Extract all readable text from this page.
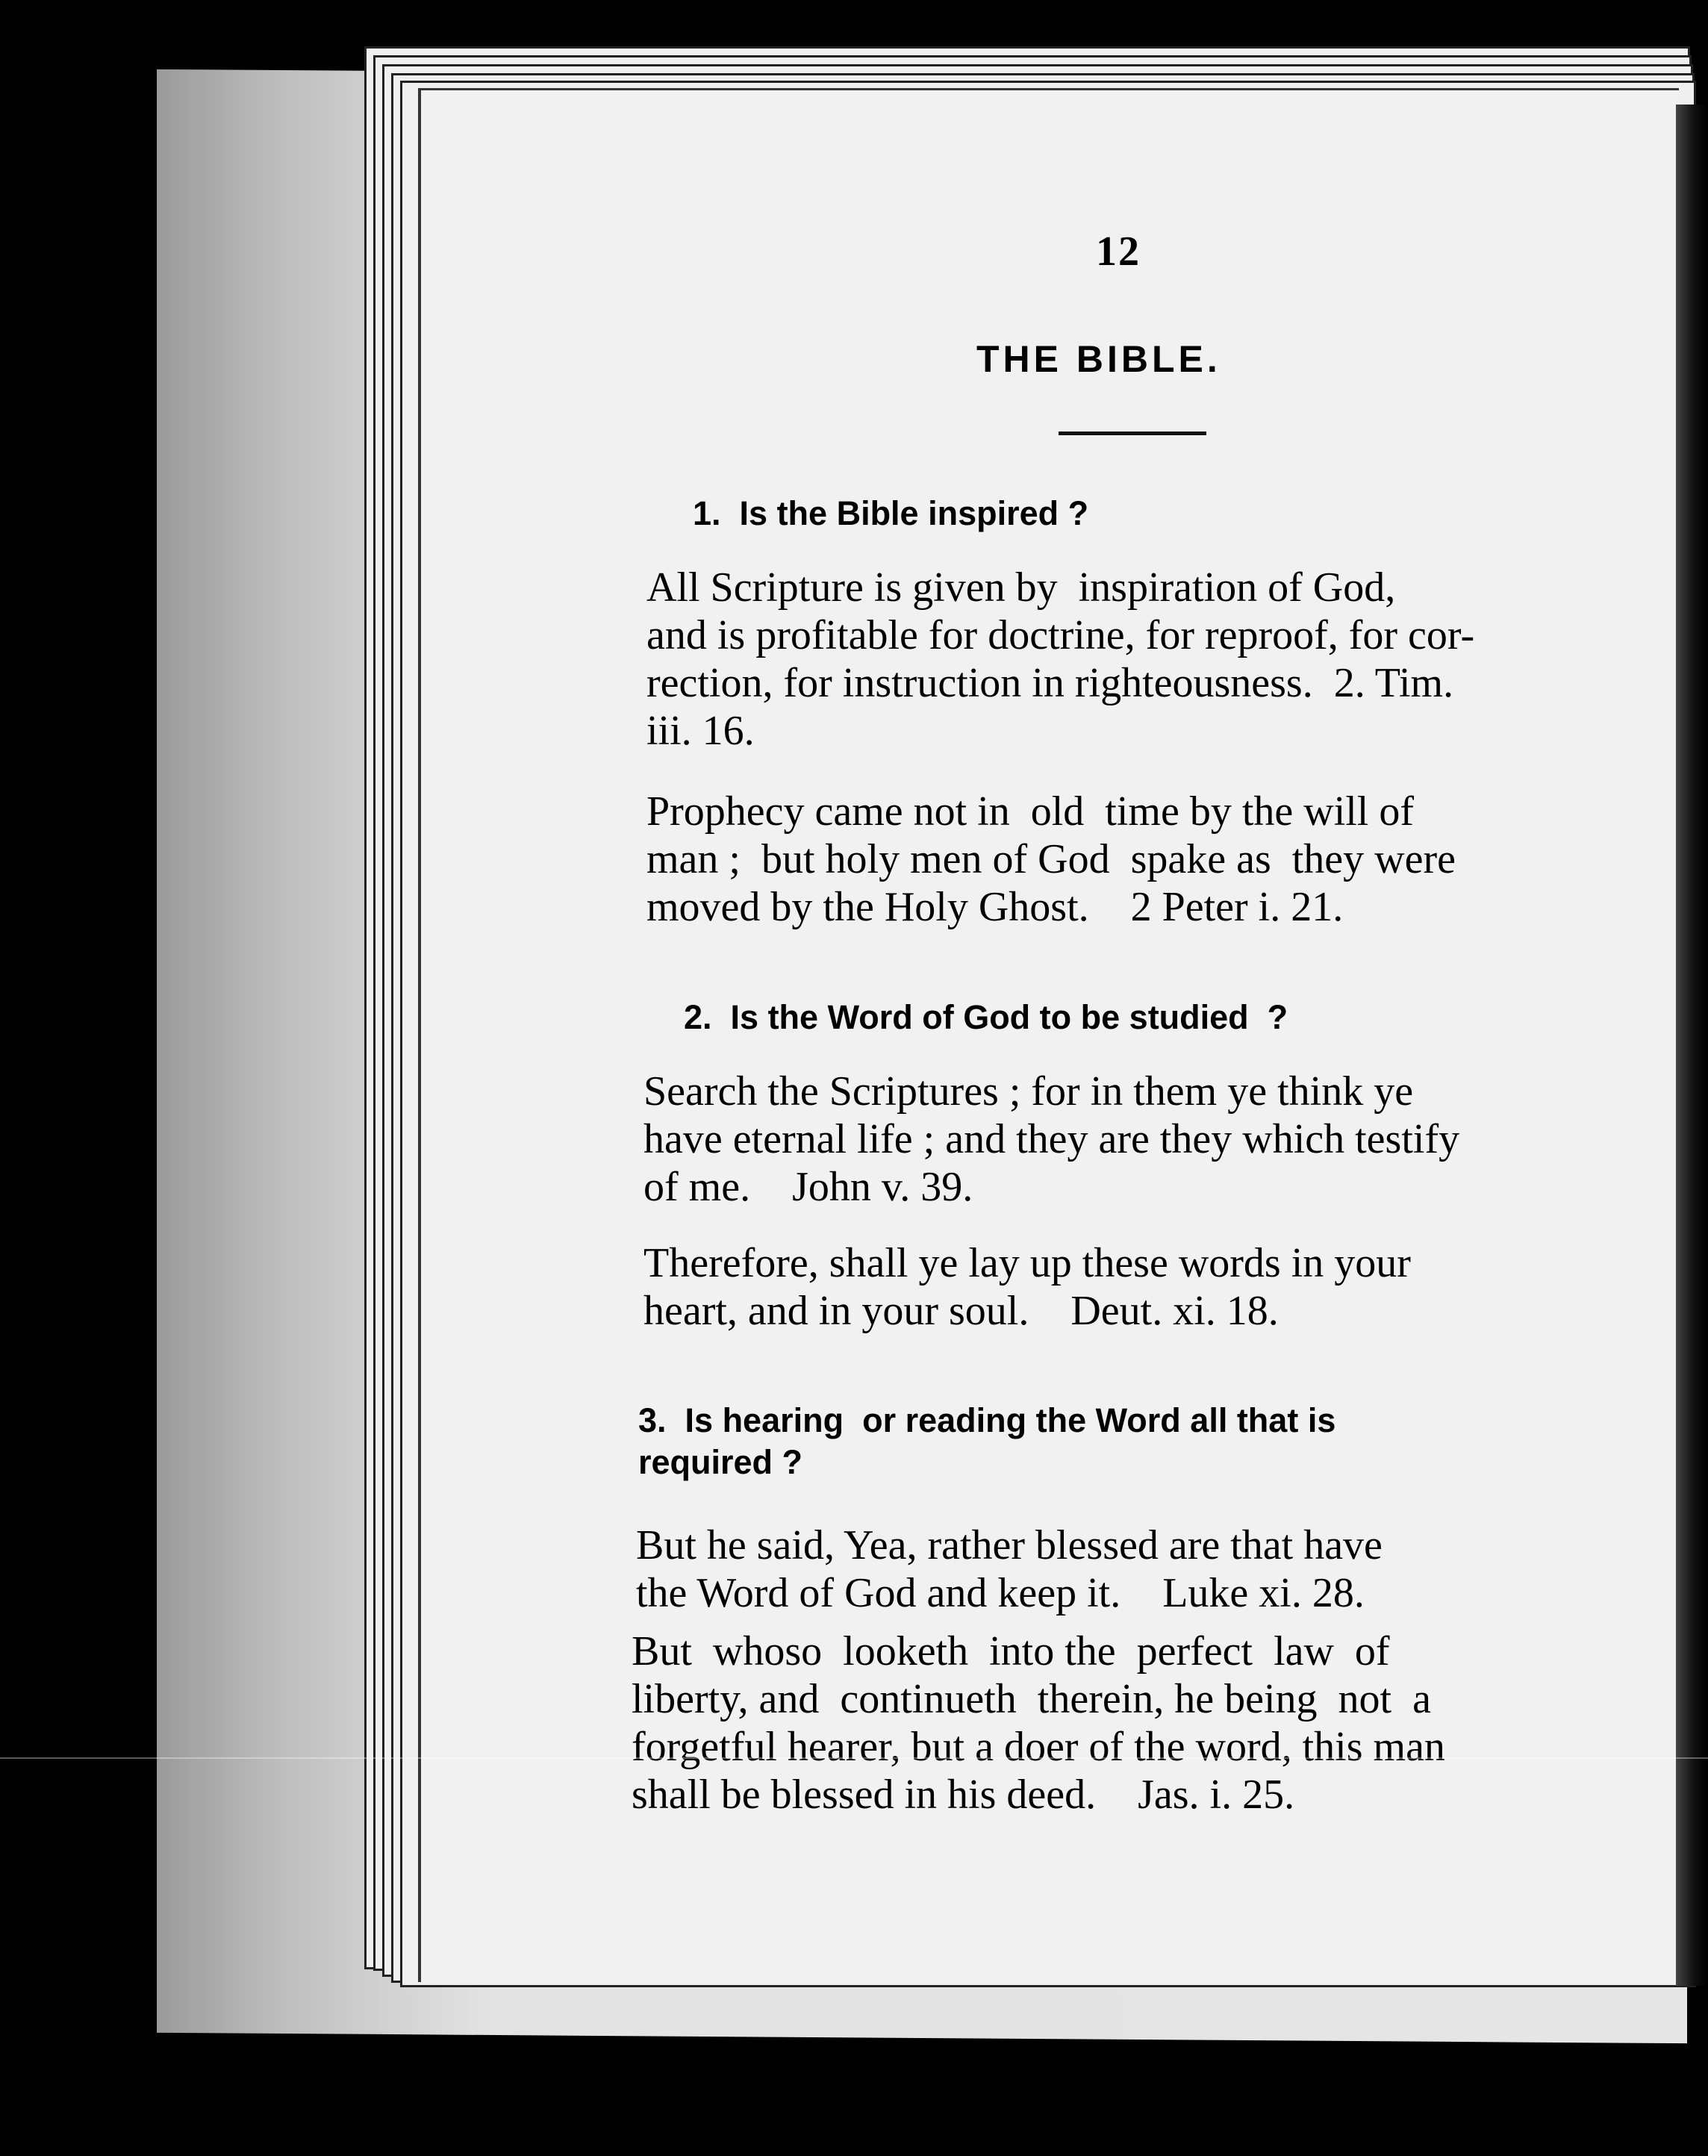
12
THE BIBLE.
1.  Is the Bible inspired ?
All Scripture is given by  inspiration of God,
and is profitable for doctrine, for reproof, for cor-
rection, for instruction in righteousness.  2. Tim.
iii. 16.
Prophecy came not in  old  time by the will of
man ;  but holy men of God  spake as  they were
moved by the Holy Ghost.    2 Peter i. 21.
2.  Is the Word of God to be studied  ?
Search the Scriptures ; for in them ye think ye
have eternal life ; and they are they which testify
of me.    John v. 39.
Therefore, shall ye lay up these words in your
heart, and in your soul.    Deut. xi. 18.
3.  Is hearing  or reading the Word all that is
required ?
But he said, Yea, rather blessed are that have
the Word of God and keep it.    Luke xi. 28.
But  whoso  looketh  into the  perfect  law  of
liberty, and  continueth  therein, he being  not  a
forgetful hearer, but a doer of the word, this man
shall be blessed in his deed.    Jas. i. 25.
